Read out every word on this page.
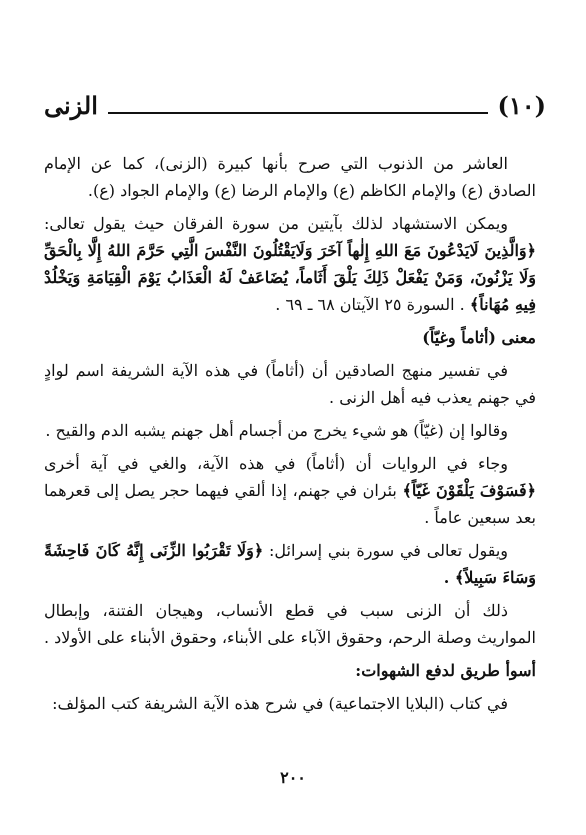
(١٠)
الزنى

العاشر من الذنوب التي صرح بأنها كبيرة (الزنى)، كما عن الإمام الصادق (ع) والإمام الكاظم (ع) والإمام الرضا (ع) والإمام الجواد (ع).

ويمكن الاستشهاد لذلك بآيتين من سورة الفرقان حيث يقول تعالى: ﴿وَالَّذِينَ لَايَدْعُونَ مَعَ اللهِ إِلٰهاً آخَرَ وَلَايَقْتُلُونَ النَّفْسَ الَّتِي حَرَّمَ اللهُ إِلَّا بِالْحَقِّ وَلَا يَزْنُونَ، وَمَنْ يَفْعَلْ ذَلِكَ يَلْقَ أَثَاماً، يُضَاعَفْ لَهُ الْعَذَابُ يَوْمَ الْقِيَامَةِ وَيَخْلُدْ فِيهِ مُهَاناً﴾ . السورة ٢٥ الآيتان ٦٨ ـ ٦٩ .

معنى (أثاماً وغيّاً)

في تفسير منهج الصادقين أن (أثاماً) في هذه الآية الشريفة اسم لوادٍ في جهنم يعذب فيه أهل الزنى .

وقالوا إن (غيّاً) هو شيء يخرج من أجسام أهل جهنم يشبه الدم والقيح .

وجاء في الروايات أن (أثاماً) في هذه الآية، والغي في آية أخرى ﴿فَسَوْفَ يَلْقَوْنَ غَيّاً﴾ بئران في جهنم، إذا ألقي فيهما حجر يصل إلى قعرهما بعد سبعين عاماً .

ويقول تعالى في سورة بني إسرائل: ﴿وَلَا تَقْرَبُوا الزِّنَى إِنَّهُ كَانَ فَاحِشَةً وَسَاءَ سَبِيلاً﴾ .

ذلك أن الزنى سبب في قطع الأنساب، وهيجان الفتنة، وإبطال المواريث وصلة الرحم، وحقوق الآباء على الأبناء، وحقوق الأبناء على الأولاد .

أسوأ طريق لدفع الشهوات:

في كتاب (البلايا الاجتماعية) في شرح هذه الآية الشريفة كتب المؤلف:

٢٠٠
